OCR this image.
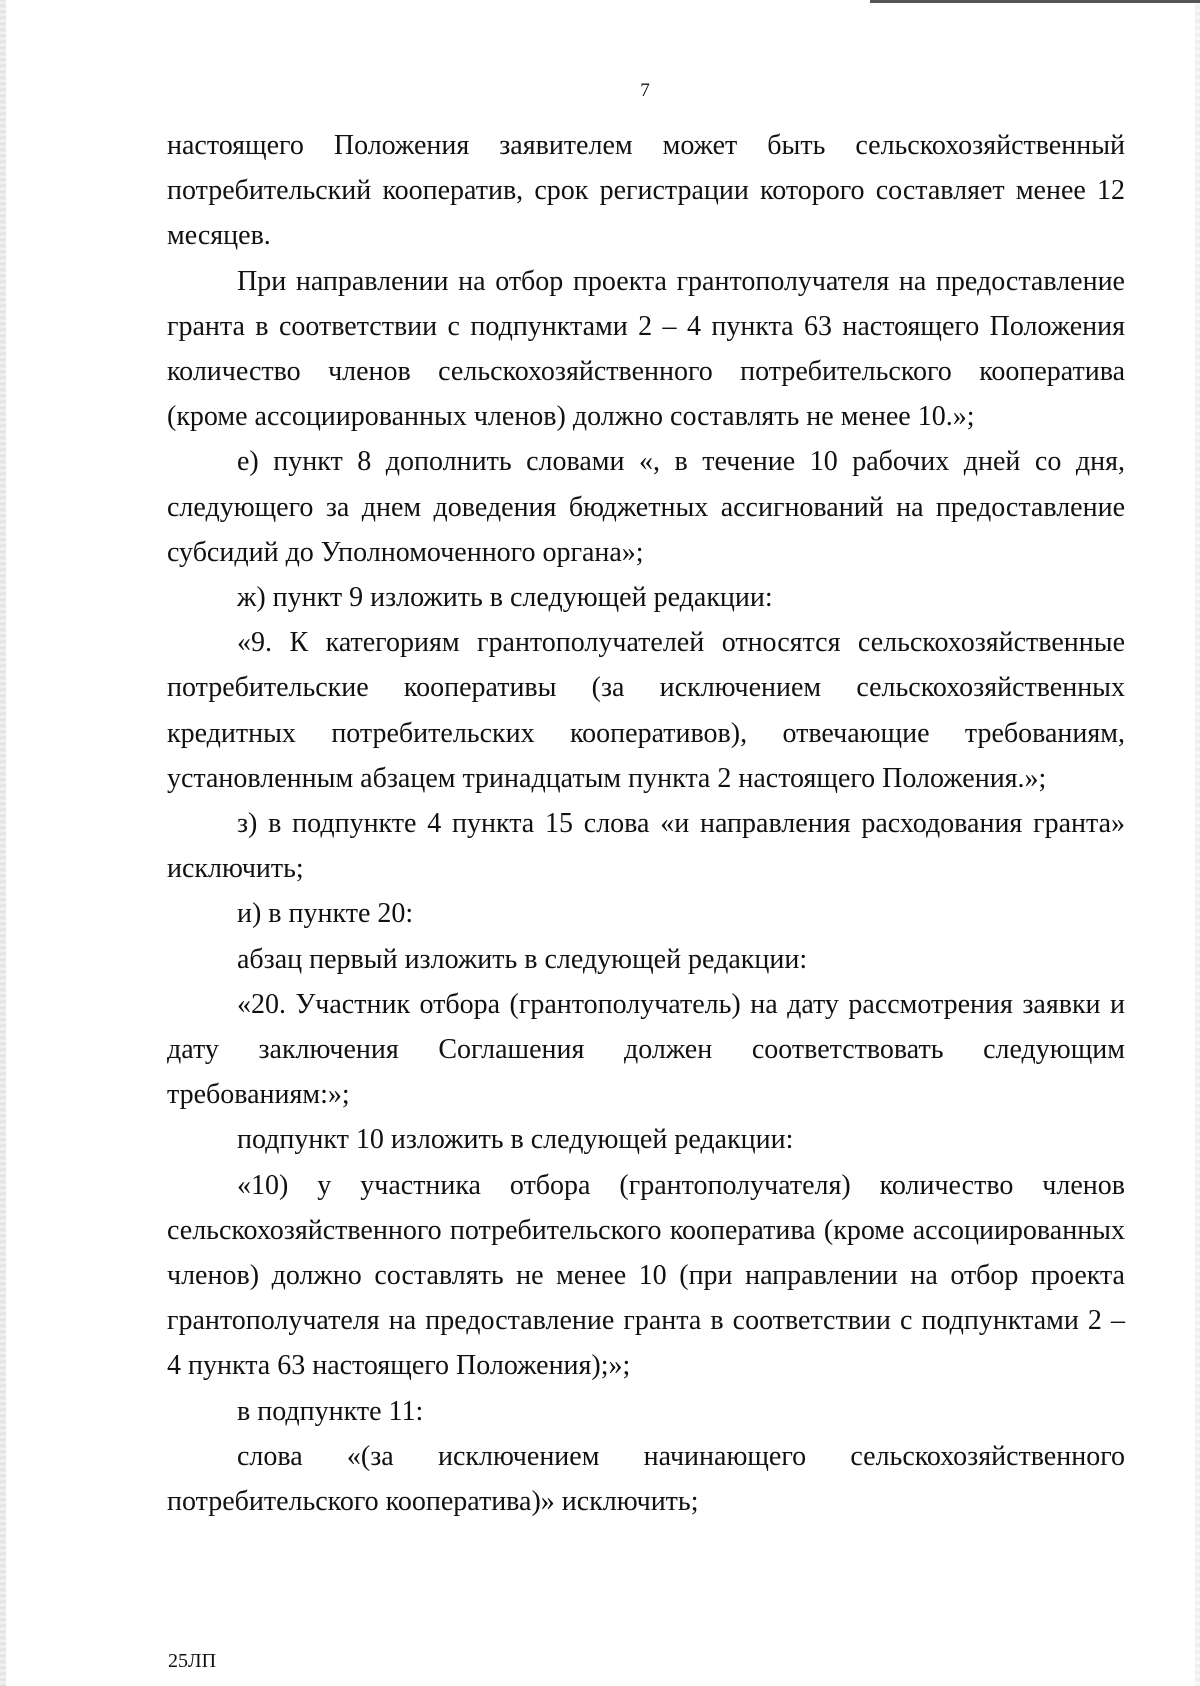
7

настоящего Положения заявителем может быть сельскохозяйственный потребительский кооператив, срок регистрации которого составляет менее 12 месяцев.

При направлении на отбор проекта грантополучателя на предоставление гранта в соответствии с подпунктами 2 – 4 пункта 63 настоящего Положения количество членов сельскохозяйственного потребительского кооператива (кроме ассоциированных членов) должно составлять не менее 10.»;

е) пункт 8 дополнить словами «, в течение 10 рабочих дней со дня, следующего за днем доведения бюджетных ассигнований на предоставление субсидий до Уполномоченного органа»;

ж) пункт 9 изложить в следующей редакции:

«9. К категориям грантополучателей относятся сельскохозяйственные потребительские кооперативы (за исключением сельскохозяйственных кредитных потребительских кооперативов), отвечающие требованиям, установленным абзацем тринадцатым пункта 2 настоящего Положения.»;

з) в подпункте 4 пункта 15 слова «и направления расходования гранта» исключить;

и) в пункте 20:

абзац первый изложить в следующей редакции:

«20. Участник отбора (грантополучатель) на дату рассмотрения заявки и дату заключения Соглашения должен соответствовать следующим требованиям:»;

подпункт 10 изложить в следующей редакции:

«10) у участника отбора (грантополучателя) количество членов сельскохозяйственного потребительского кооператива (кроме ассоциированных членов) должно составлять не менее 10 (при направлении на отбор проекта грантополучателя на предоставление гранта в соответствии с подпунктами 2 – 4 пункта 63 настоящего Положения);»;

в подпункте 11:

слова «(за исключением начинающего сельскохозяйственного потребительского кооператива)» исключить;

25ЛП
